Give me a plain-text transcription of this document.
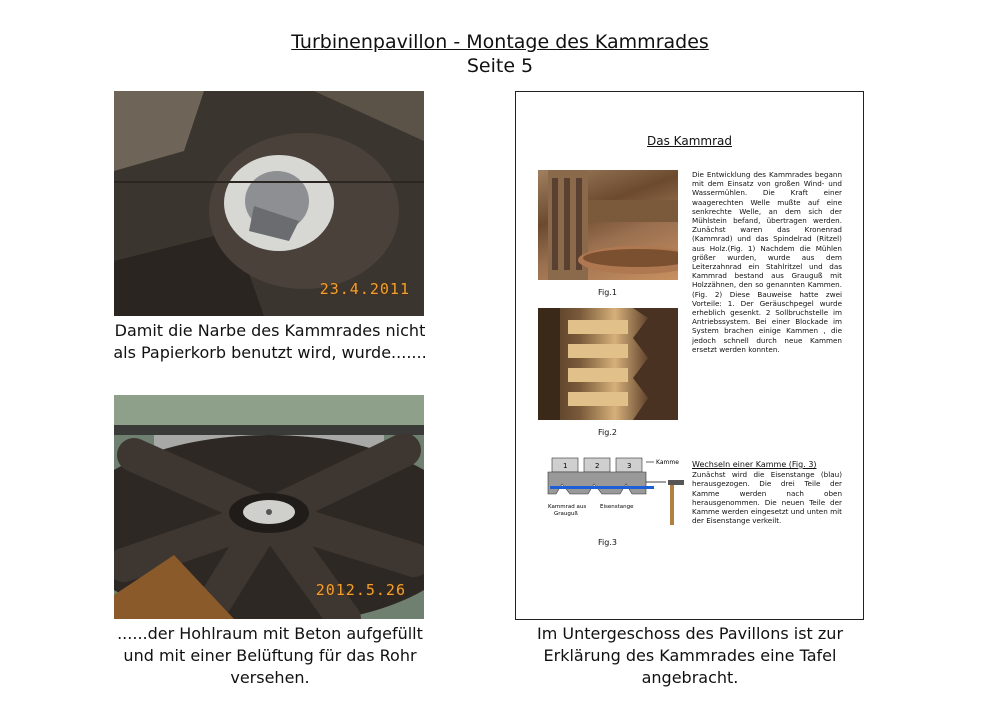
Turbinenpavillon - Montage des Kammrades
Seite 5
23.4.2011
Damit die Narbe des Kammrades nicht als Papierkorb benutzt wird, wurde.......
2012.5.26
......der Hohlraum mit Beton aufgefüllt und mit einer Belüftung für das Rohr versehen.
Das Kammrad
Fig.1
Fig.2
Die Entwicklung des Kammrades begann mit dem Einsatz von großen Wind- und Wassermühlen. Die Kraft einer waagerechten Welle mußte auf eine senkrechte Welle, an dem sich der Mühlstein befand, übertragen werden. Zunächst waren das Kronenrad (Kammrad) und das Spindelrad (Ritzel) aus Holz.(Fig. 1) Nachdem die Mühlen größer wurden, wurde aus dem Leiterzahnrad ein Stahlritzel und das Kammrad bestand aus Grauguß mit Holzzähnen, den so genannten Kammen. (Fig. 2) Diese Bauweise hatte zwei Vorteile: 1. Der Geräuschpegel wurde erheblich gesenkt. 2 Sollbruchstelle im Antriebssystem. Bei einer Blockade im System brachen einige Kammen , die jedoch schnell durch neue Kammen ersetzt werden konnten.
1	2	3	Kamme
Kammrad aus
Grauguß
Eisenstange
Fig.3
Wechseln einer Kamme (Fig. 3)
Zunächst wird die Eisenstange (blau) herausgezogen. Die drei Teile der Kamme werden nach oben herausgenommen. Die neuen Teile der Kamme werden eingesetzt und unten mit der Eisenstange verkeilt.
Im Untergeschoss des Pavillons ist zur Erklärung des Kammrades eine Tafel angebracht.
